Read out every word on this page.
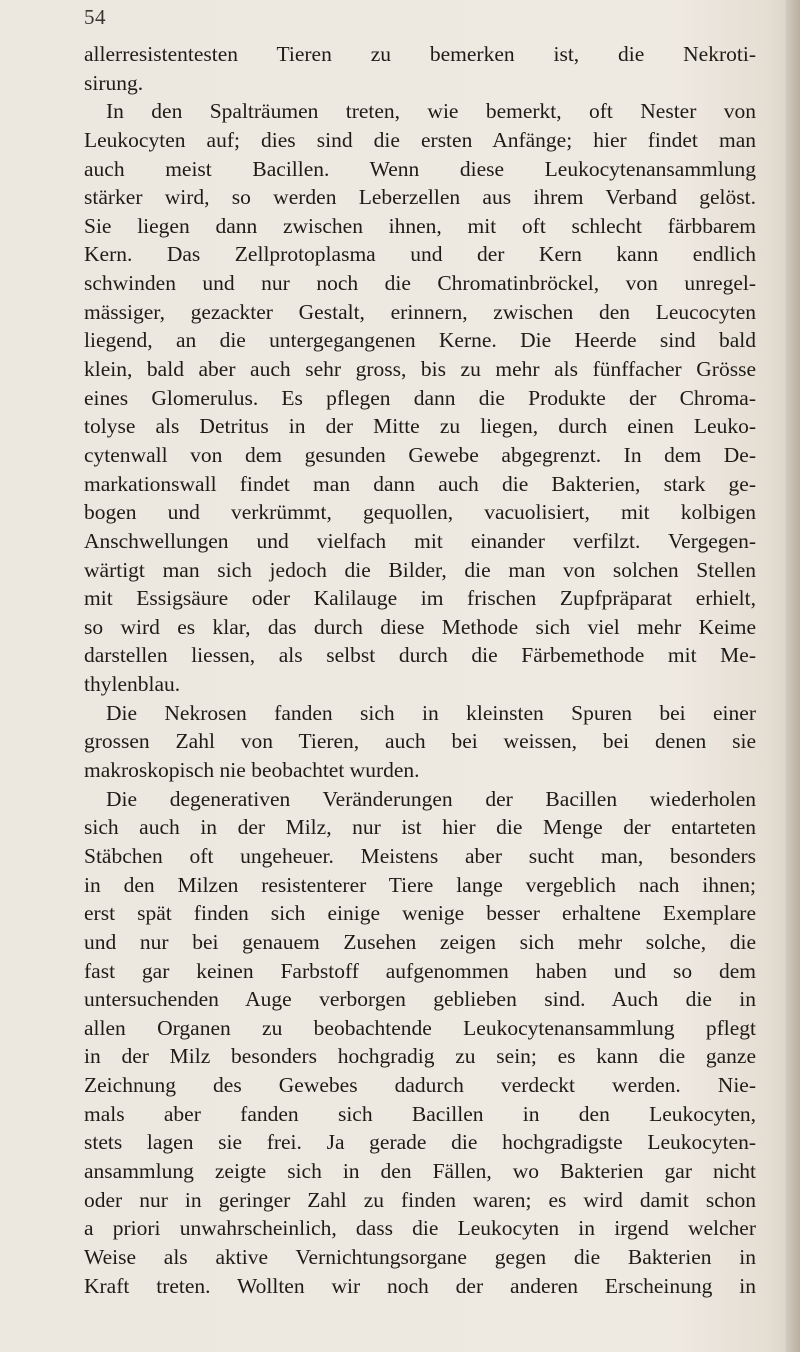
54
allerresistentesten Tieren zu bemerken ist, die Nekroti-
sirung.
In den Spalträumen treten, wie bemerkt, oft Nester von
Leukocyten auf; dies sind die ersten Anfänge; hier findet man
auch meist Bacillen. Wenn diese Leukocytenansammlung
stärker wird, so werden Leberzellen aus ihrem Verband gelöst.
Sie liegen dann zwischen ihnen, mit oft schlecht färbbarem
Kern. Das Zellprotoplasma und der Kern kann endlich
schwinden und nur noch die Chromatinbröckel, von unregel-
mässiger, gezackter Gestalt, erinnern, zwischen den Leucocyten
liegend, an die untergegangenen Kerne. Die Heerde sind bald
klein, bald aber auch sehr gross, bis zu mehr als fünffacher Grösse
eines Glomerulus. Es pflegen dann die Produkte der Chroma-
tolyse als Detritus in der Mitte zu liegen, durch einen Leuko-
cytenwall von dem gesunden Gewebe abgegrenzt. In dem De-
markationswall findet man dann auch die Bakterien, stark ge-
bogen und verkrümmt, gequollen, vacuolisiert, mit kolbigen
Anschwellungen und vielfach mit einander verfilzt. Vergegen-
wärtigt man sich jedoch die Bilder, die man von solchen Stellen
mit Essigsäure oder Kalilauge im frischen Zupfpräparat erhielt,
so wird es klar, das durch diese Methode sich viel mehr Keime
darstellen liessen, als selbst durch die Färbemethode mit Me-
thylenblau.
Die Nekrosen fanden sich in kleinsten Spuren bei einer
grossen Zahl von Tieren, auch bei weissen, bei denen sie
makroskopisch nie beobachtet wurden.
Die degenerativen Veränderungen der Bacillen wiederholen
sich auch in der Milz, nur ist hier die Menge der entarteten
Stäbchen oft ungeheuer. Meistens aber sucht man, besonders
in den Milzen resistenterer Tiere lange vergeblich nach ihnen;
erst spät finden sich einige wenige besser erhaltene Exemplare
und nur bei genauem Zusehen zeigen sich mehr solche, die
fast gar keinen Farbstoff aufgenommen haben und so dem
untersuchenden Auge verborgen geblieben sind. Auch die in
allen Organen zu beobachtende Leukocytenansammlung pflegt
in der Milz besonders hochgradig zu sein; es kann die ganze
Zeichnung des Gewebes dadurch verdeckt werden. Nie-
mals aber fanden sich Bacillen in den Leukocyten,
stets lagen sie frei. Ja gerade die hochgradigste Leukocyten-
ansammlung zeigte sich in den Fällen, wo Bakterien gar nicht
oder nur in geringer Zahl zu finden waren; es wird damit schon
a priori unwahrscheinlich, dass die Leukocyten in irgend welcher
Weise als aktive Vernichtungsorgane gegen die Bakterien in
Kraft treten. Wollten wir noch der anderen Erscheinung in
